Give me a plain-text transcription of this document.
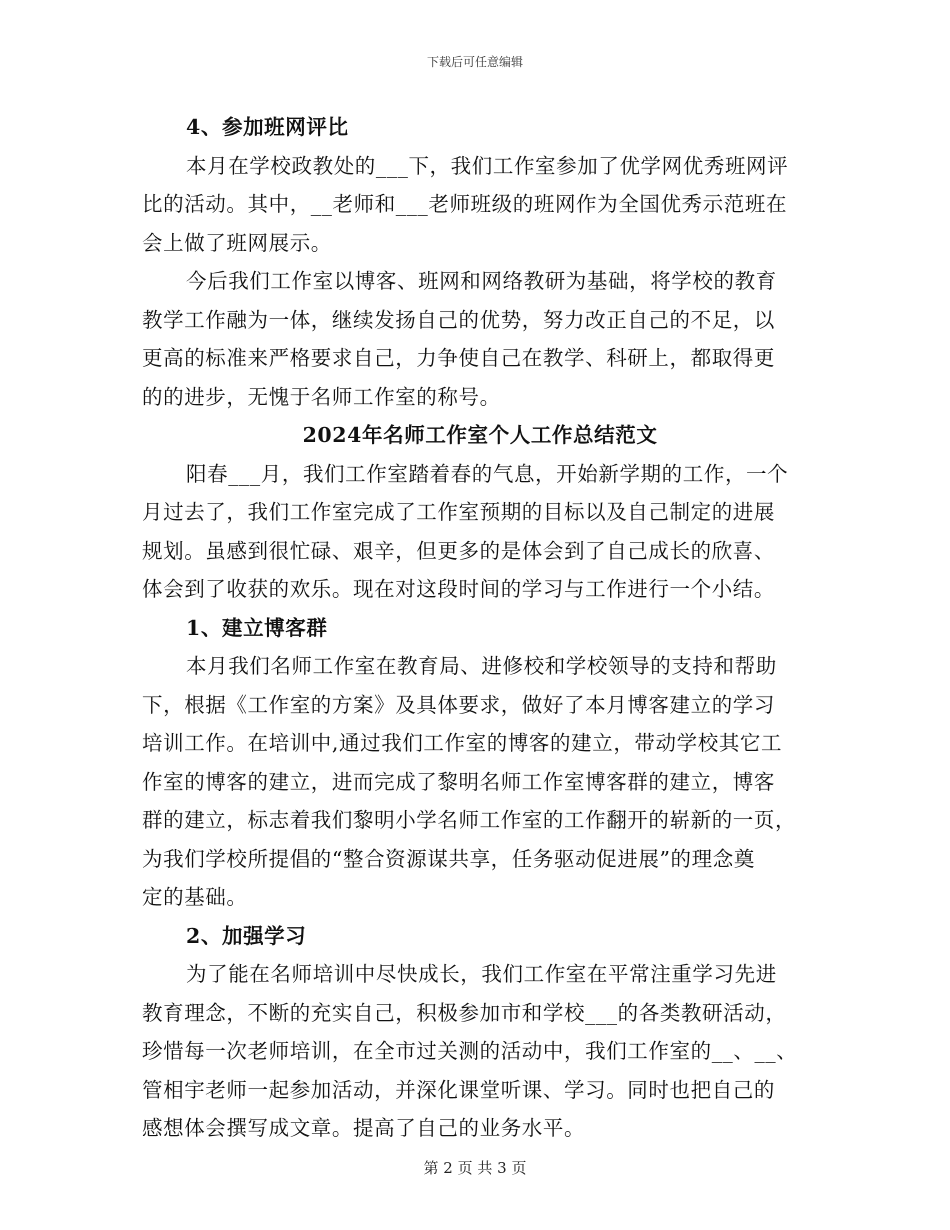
下载后可任意编辑
4、参加班网评比
本月在学校政教处的___下，我们工作室参加了优学网优秀班网评
比的活动。其中，__老师和___老师班级的班网作为全国优秀示范班在
会上做了班网展示。
今后我们工作室以博客、班网和网络教研为基础，将学校的教育
教学工作融为一体，继续发扬自己的优势，努力改正自己的不足，以
更高的标准来严格要求自己，力争使自己在教学、科研上，都取得更
的的进步，无愧于名师工作室的称号。
2024年名师工作室个人工作总结范文
阳春___月，我们工作室踏着春的气息，开始新学期的工作，一个
月过去了，我们工作室完成了工作室预期的目标以及自己制定的进展
规划。虽感到很忙碌、艰辛，但更多的是体会到了自己成长的欣喜、
体会到了收获的欢乐。现在对这段时间的学习与工作进行一个小结。
1、建立博客群
本月我们名师工作室在教育局、进修校和学校领导的支持和帮助
下，根据《工作室的方案》及具体要求，做好了本月博客建立的学习
培训工作。在培训中,通过我们工作室的博客的建立，带动学校其它工
作室的博客的建立，进而完成了黎明名师工作室博客群的建立，博客
群的建立，标志着我们黎明小学名师工作室的工作翻开的崭新的一页，
为我们学校所提倡的“整合资源谋共享，任务驱动促进展”的理念奠
定的基础。
2、加强学习
为了能在名师培训中尽快成长，我们工作室在平常注重学习先进
教育理念，不断的充实自己，积极参加市和学校___的各类教研活动，
珍惜每一次老师培训，在全市过关测的活动中，我们工作室的__、__、
管相宇老师一起参加活动，并深化课堂听课、学习。同时也把自己的
感想体会撰写成文章。提高了自己的业务水平。
第 2 页 共 3 页
